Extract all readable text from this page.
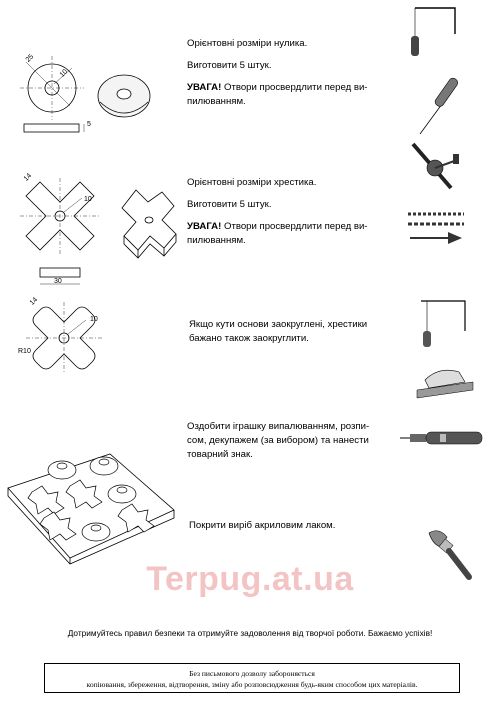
25
10
5
Орієнтовні розміри нулика.
Виготовити 5 штук.
УВАГА! Отвори просвердлити перед ви-
пилюванням.
14
10
30
Орієнтовні розміри хрестика.
Виготовити 5 штук.
УВАГА! Отвори просвердлити перед ви-
пилюванням.
14
10
R10
Якщо кути основи заокруглені, хрестики
бажано також заокруглити.
Оздобити іграшку випалюванням, розпи-
сом, декупажем (за вибором) та нанести
товарний знак.
Покрити виріб акриловим лаком.
Terpug.at.ua
Дотримуйтесь правил безпеки та отримуйте задоволення від творчої роботи. Бажаємо успіхів!
Без письмового дозволу забороняється
копіювання, збереження, відтворення, зміну або розповсюдження будь-яким способом цих матеріалів.
